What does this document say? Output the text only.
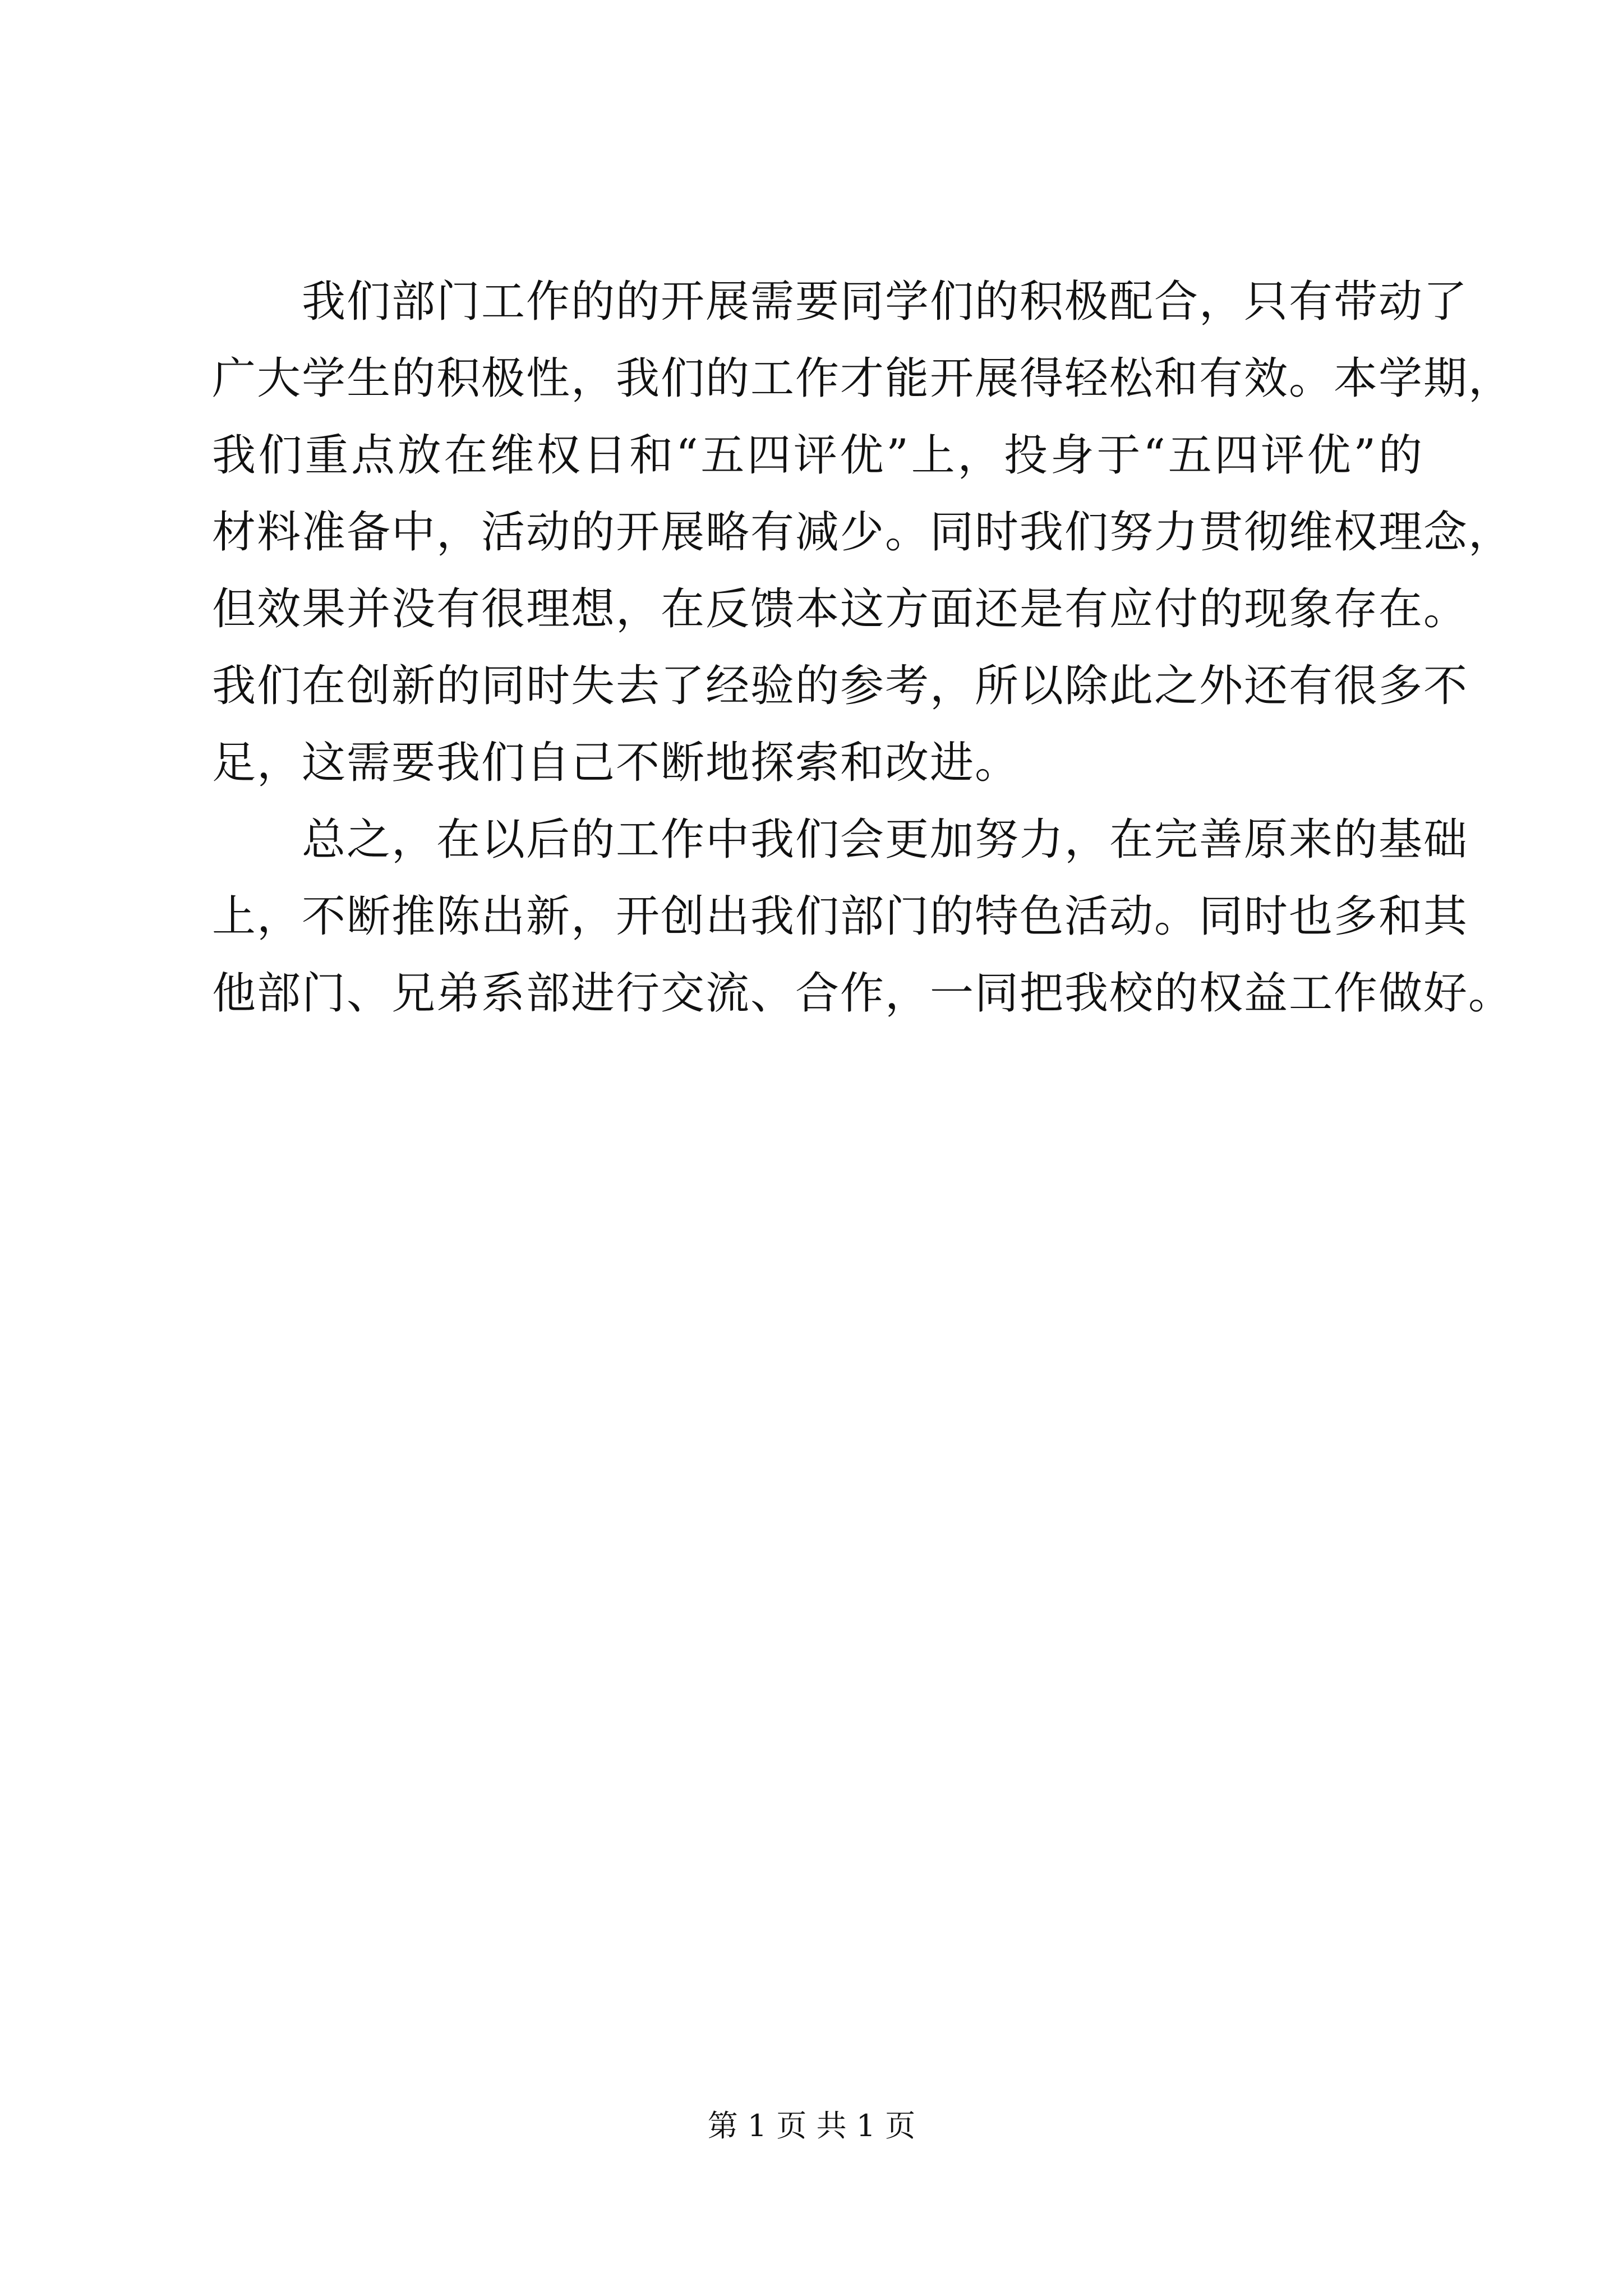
我们部门工作的的开展需要同学们的积极配合，只有带动了
广大学生的积极性，我们的工作才能开展得轻松和有效。本学期，
我们重点放在维权日和“五四评优”上，投身于“五四评优”的
材料准备中，活动的开展略有减少。同时我们努力贯彻维权理念，
但效果并没有很理想，在反馈本这方面还是有应付的现象存在。
我们在创新的同时失去了经验的参考，所以除此之外还有很多不
足，这需要我们自己不断地探索和改进。
总之，在以后的工作中我们会更加努力，在完善原来的基础
上，不断推陈出新，开创出我们部门的特色活动。同时也多和其
他部门、兄弟系部进行交流、合作，一同把我校的权益工作做好。
第 1 页 共 1 页
